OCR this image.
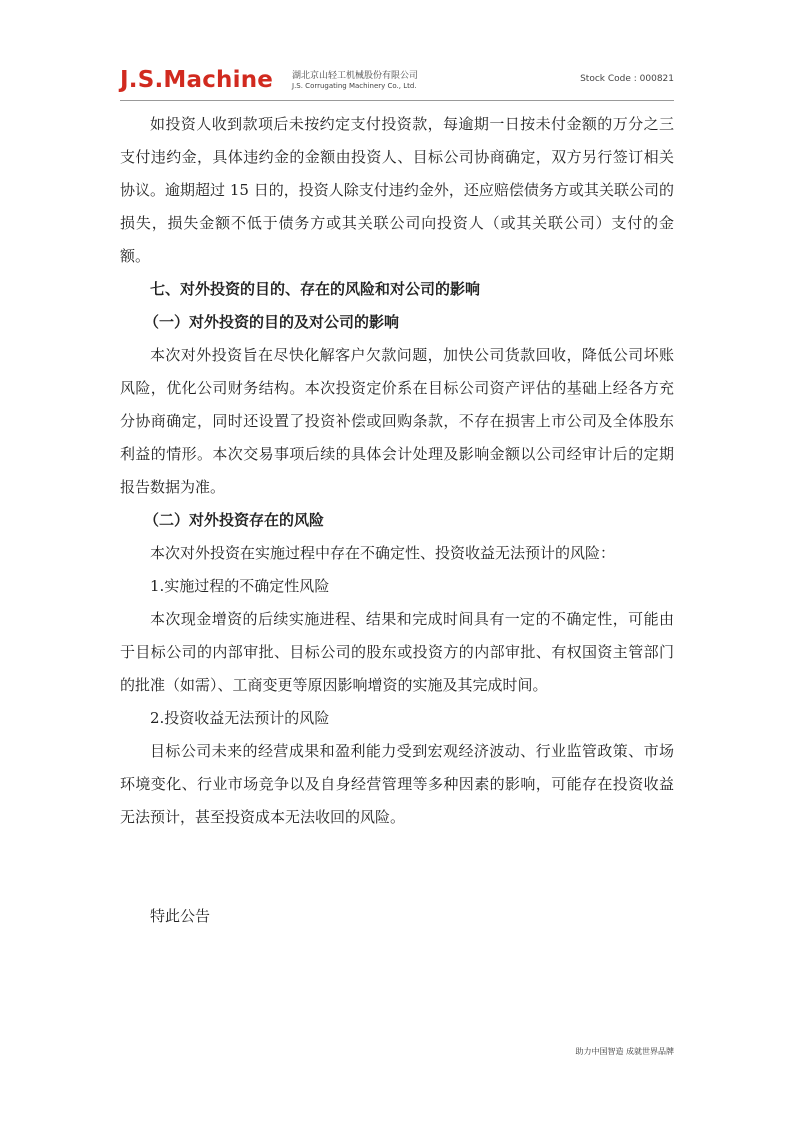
J.S.Machine 湖北京山轻工机械股份有限公司
J.S. Corrugating Machinery Co., Ltd.
Stock Code : 000821

如投资人收到款项后未按约定支付投资款，每逾期一日按未付金额的万分之三支付违约金，具体违约金的金额由投资人、目标公司协商确定，双方另行签订相关协议。逾期超过 15 日的，投资人除支付违约金外，还应赔偿债务方或其关联公司的损失，损失金额不低于债务方或其关联公司向投资人（或其关联公司）支付的金额。

七、对外投资的目的、存在的风险和对公司的影响

（一）对外投资的目的及对公司的影响

本次对外投资旨在尽快化解客户欠款问题，加快公司货款回收，降低公司坏账风险，优化公司财务结构。本次投资定价系在目标公司资产评估的基础上经各方充分协商确定，同时还设置了投资补偿或回购条款，不存在损害上市公司及全体股东利益的情形。本次交易事项后续的具体会计处理及影响金额以公司经审计后的定期报告数据为准。

（二）对外投资存在的风险

本次对外投资在实施过程中存在不确定性、投资收益无法预计的风险：

1.实施过程的不确定性风险

本次现金增资的后续实施进程、结果和完成时间具有一定的不确定性，可能由于目标公司的内部审批、目标公司的股东或投资方的内部审批、有权国资主管部门的批准（如需）、工商变更等原因影响增资的实施及其完成时间。

2.投资收益无法预计的风险

目标公司未来的经营成果和盈利能力受到宏观经济波动、行业监管政策、市场环境变化、行业市场竞争以及自身经营管理等多种因素的影响，可能存在投资收益无法预计，甚至投资成本无法收回的风险。

特此公告

助力中国智造 成就世界品牌
